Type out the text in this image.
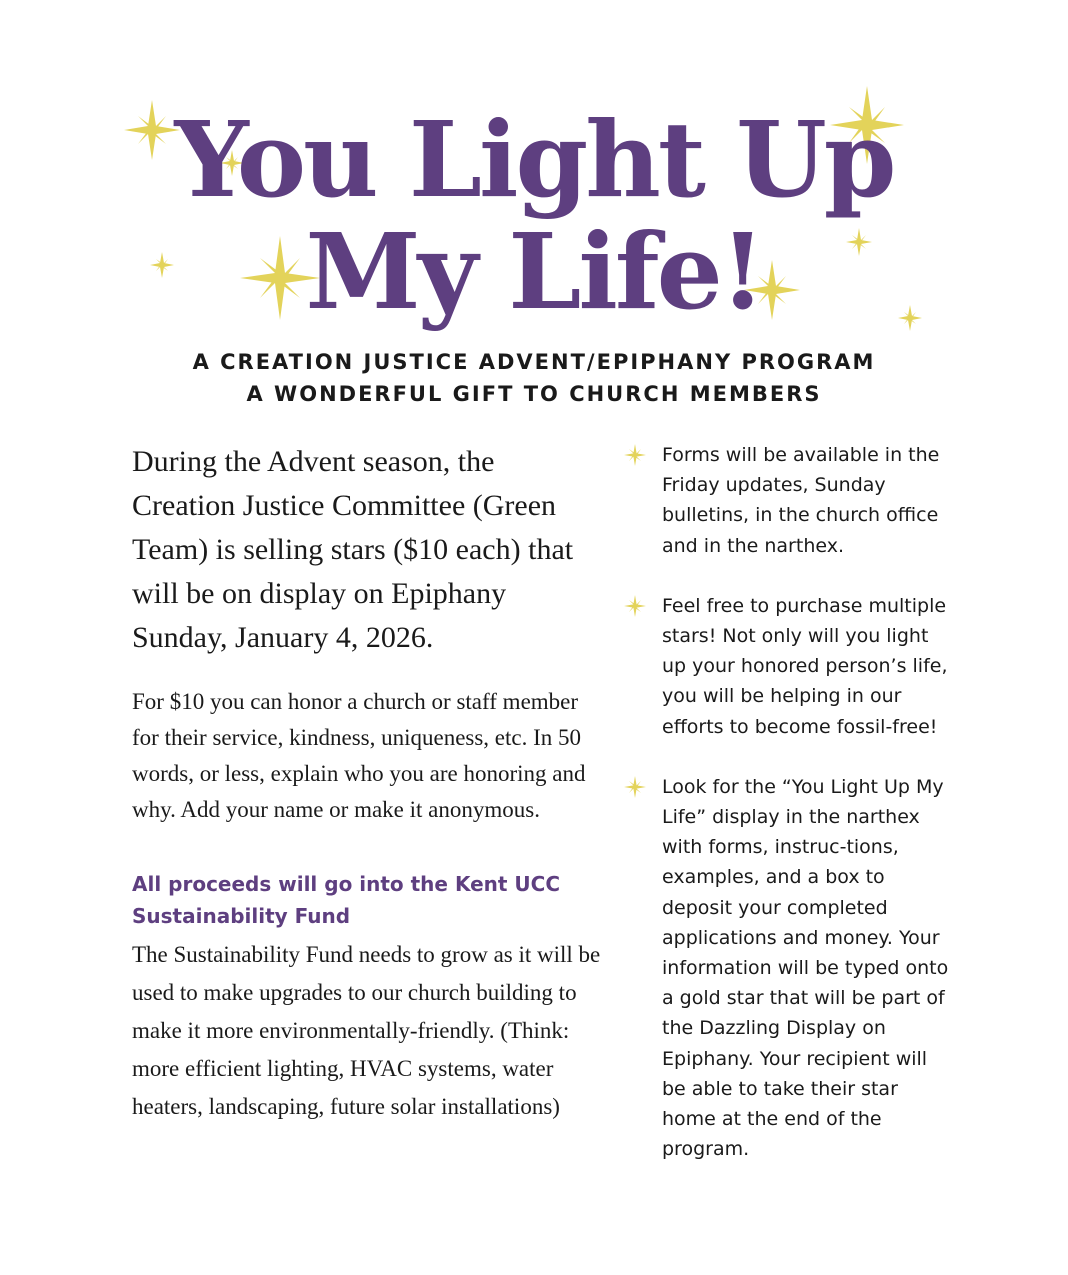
You Light Up
My Life!

A CREATION JUSTICE ADVENT/EPIPHANY PROGRAM

A WONDERFUL GIFT TO CHURCH MEMBERS

During the Advent season, the Creation Justice Committee (Green Team) is selling stars ($10 each) that will be on display on Epiphany Sunday, January 4, 2026.

For $10 you can honor a church or staff member for their service, kindness, uniqueness, etc. In 50 words, or less, explain who you are honoring and why. Add your name or make it anonymous.

All proceeds will go into the Kent UCC Sustainability Fund

The Sustainability Fund needs to grow as it will be used to make upgrades to our church building to make it more environmentally-friendly. (Think: more efficient lighting, HVAC systems, water heaters, landscaping, future solar installations)

Forms will be available in the Friday updates, Sunday bulletins, in the church office and in the narthex.

Feel free to purchase multiple stars! Not only will you light up your honored person’s life, you will be helping in our efforts to become fossil-free!

Look for the “You Light Up My Life” display in the narthex with forms, instruc-tions, examples, and a box to deposit your completed applications and money. Your information will be typed onto a gold star that will be part of the Dazzling Display on Epiphany. Your recipient will be able to take their star home at the end of the program.
